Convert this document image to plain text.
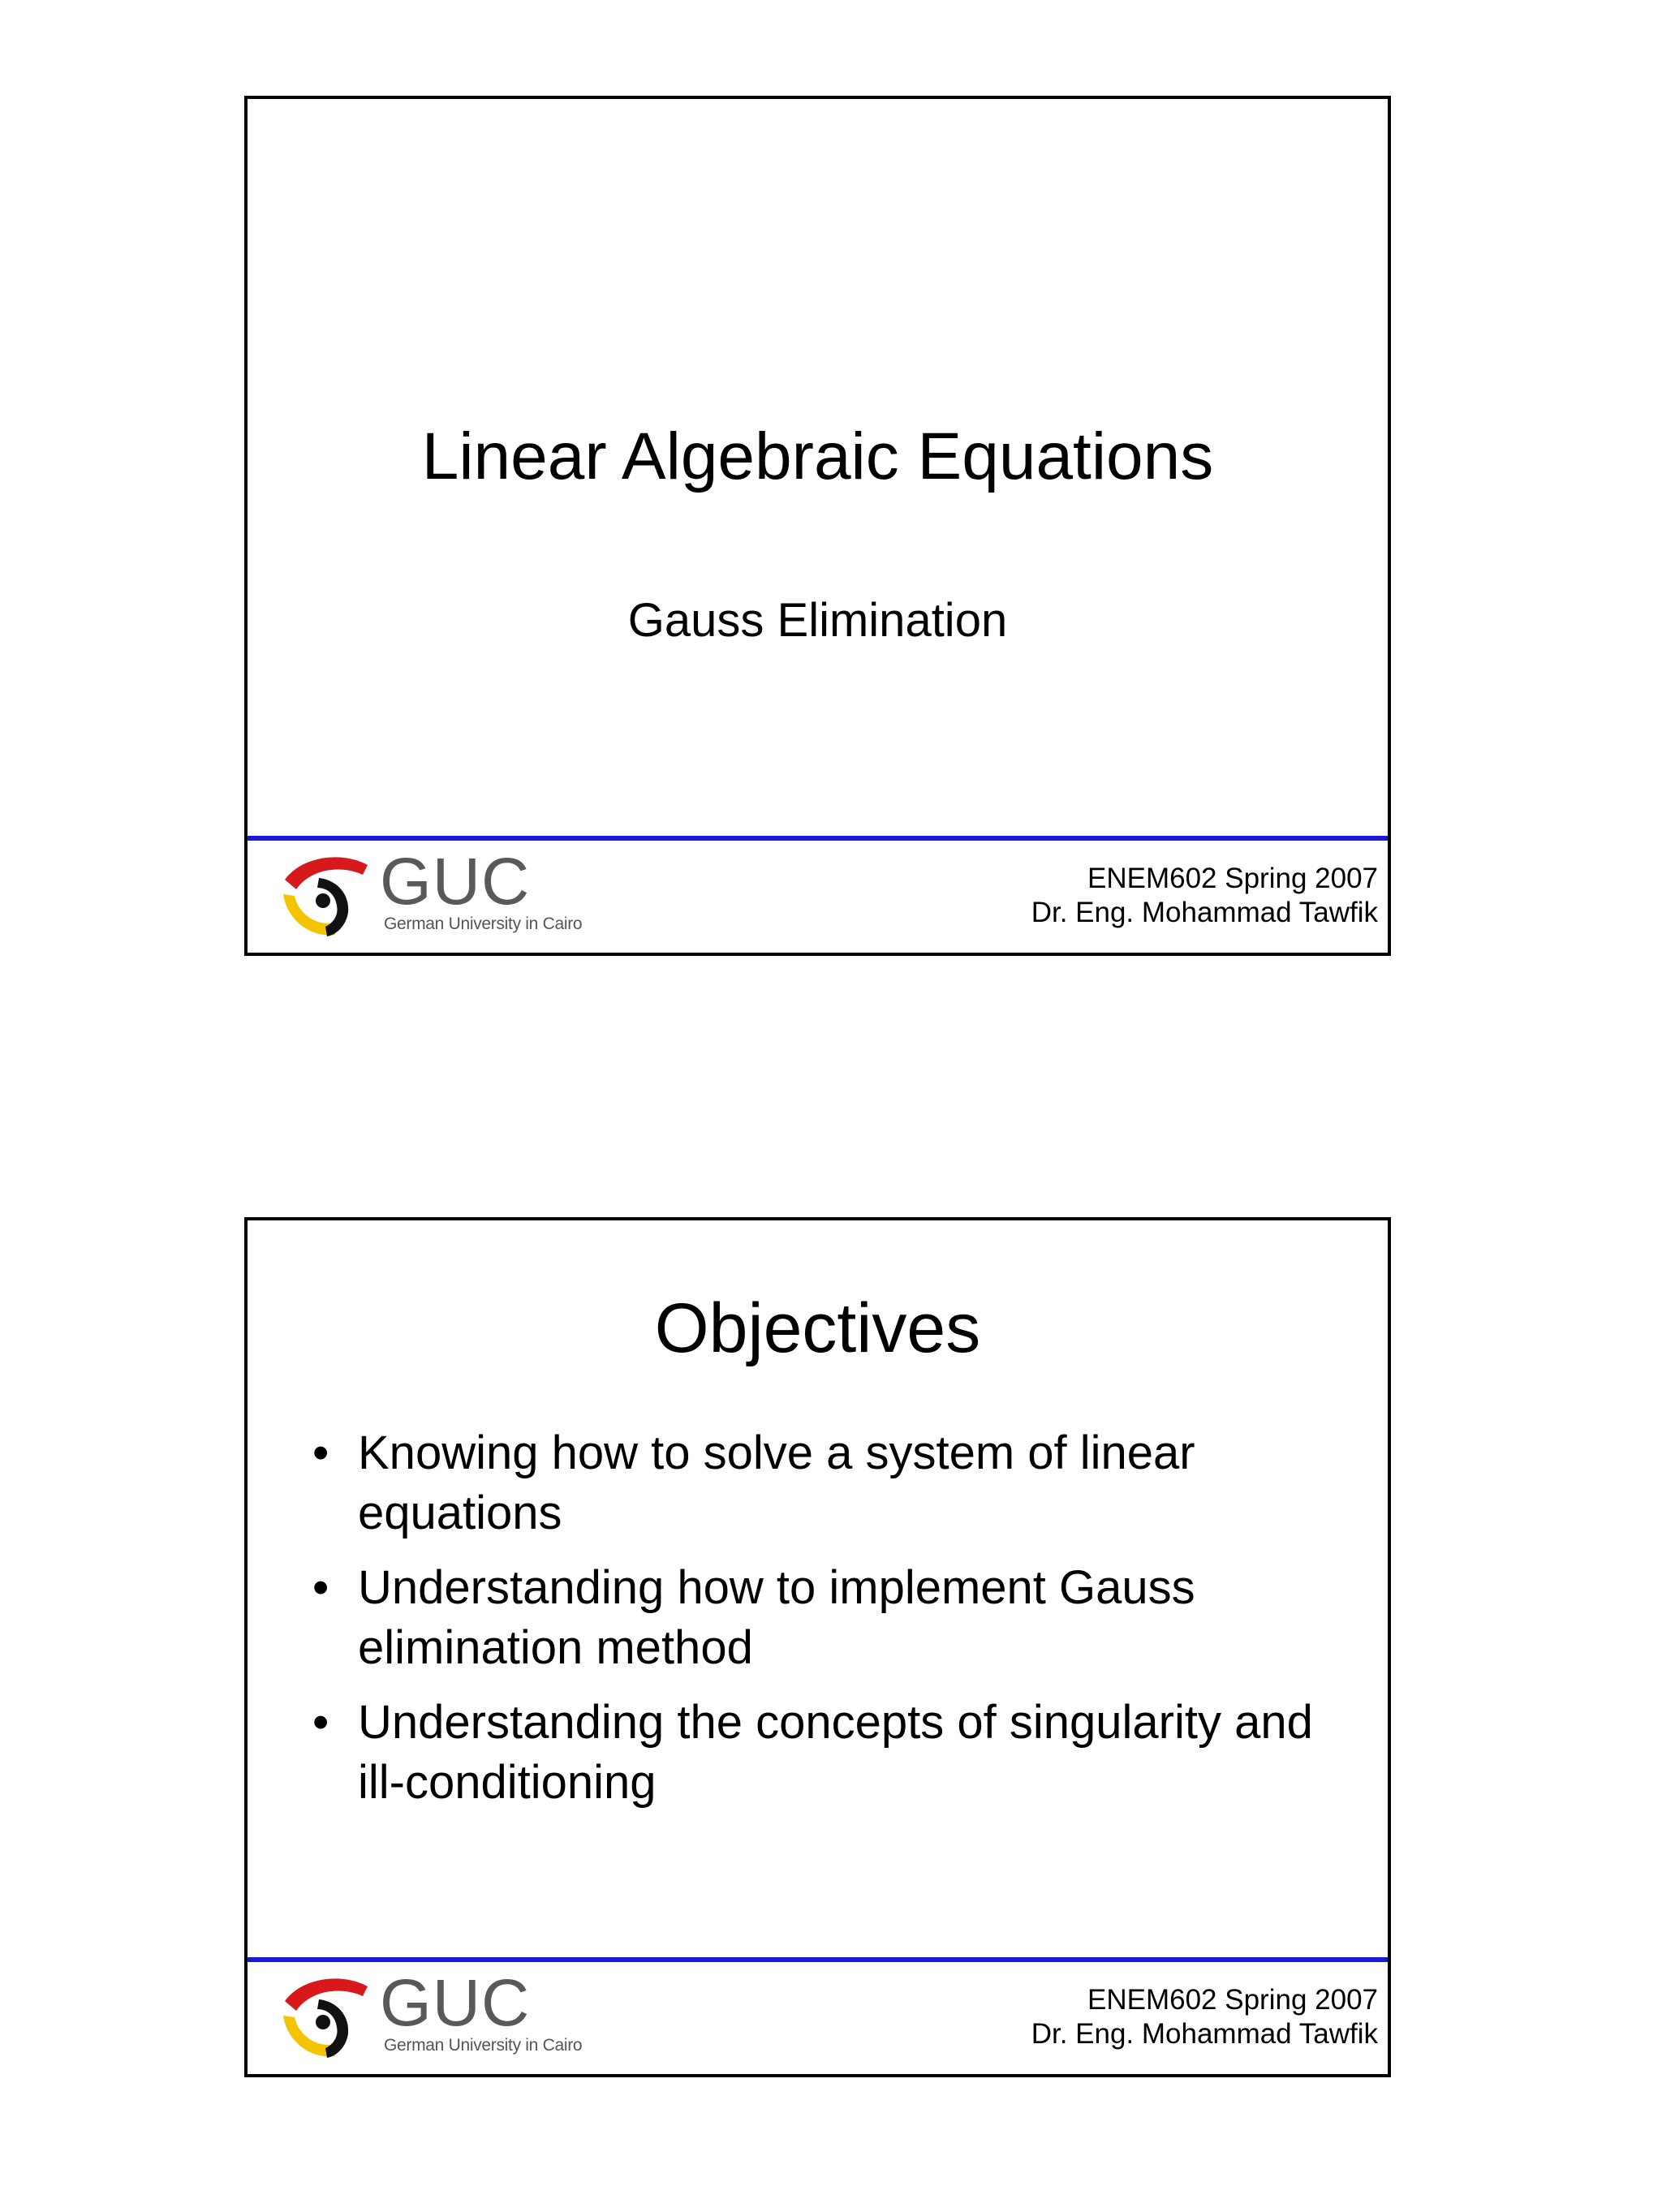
Linear Algebraic Equations
Gauss Elimination
GUC
German University in Cairo
ENEM602 Spring 2007
Dr. Eng. Mohammad Tawfik
Objectives
• Knowing how to solve a system of linear equations
• Understanding how to implement Gauss elimination method
• Understanding the concepts of singularity and ill-conditioning
GUC
German University in Cairo
ENEM602 Spring 2007
Dr. Eng. Mohammad Tawfik
